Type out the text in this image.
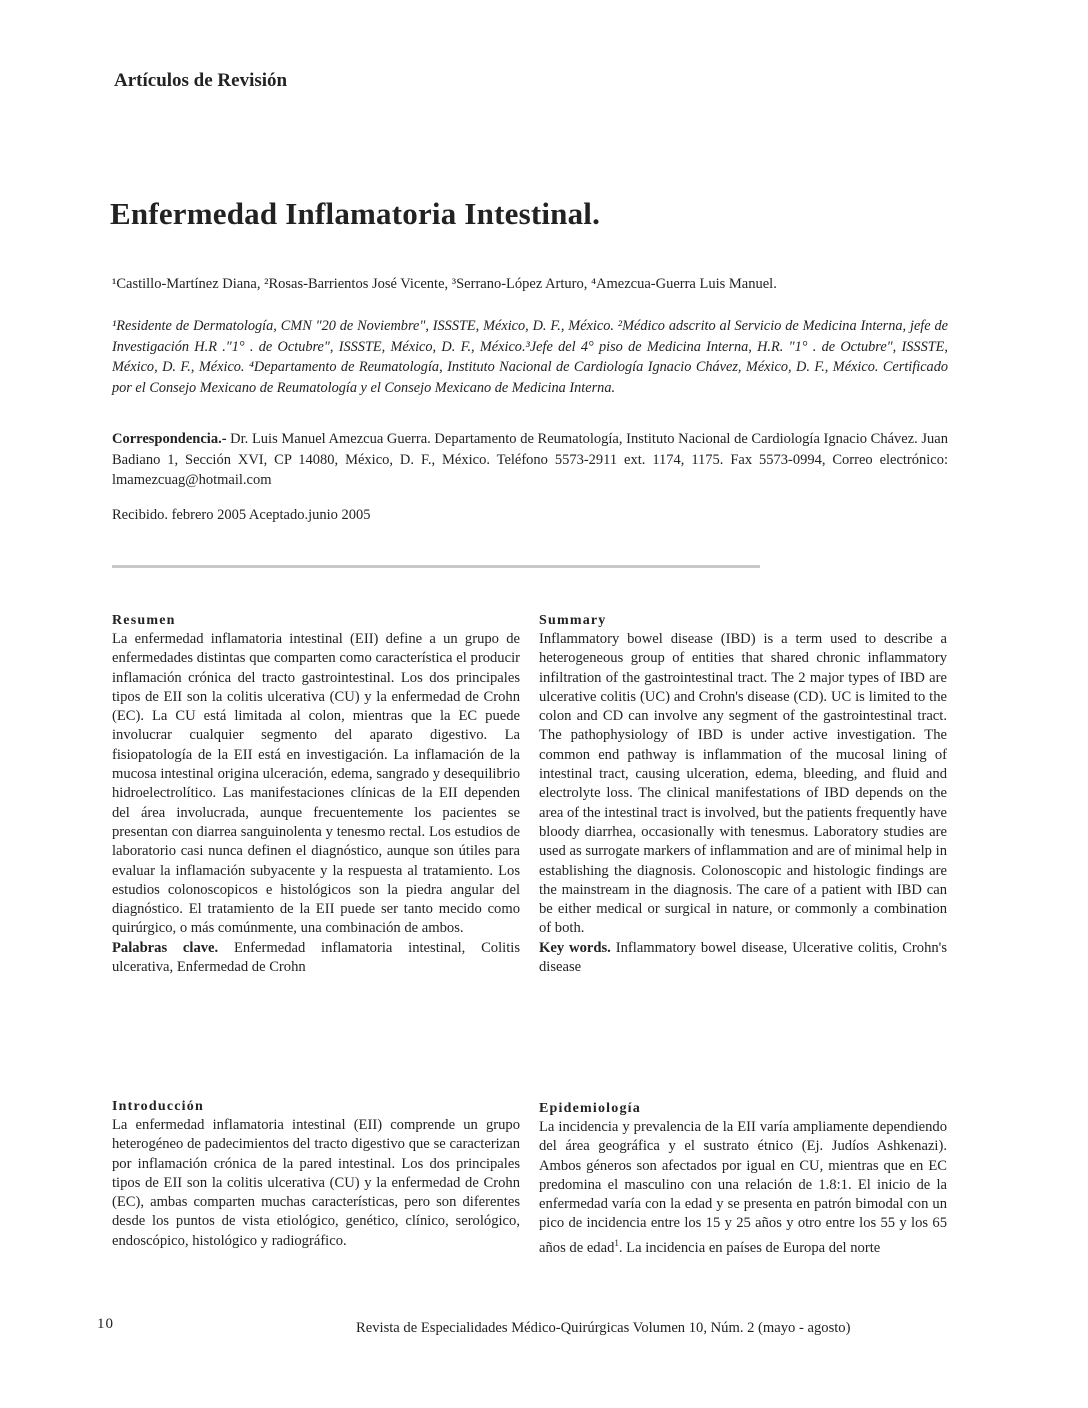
Artículos de Revisión
Enfermedad Inflamatoria Intestinal.
¹Castillo-Martínez Diana, ²Rosas-Barrientos José Vicente, ³Serrano-López Arturo, ⁴Amezcua-Guerra Luis Manuel.
¹Residente de Dermatología, CMN "20 de Noviembre", ISSSTE, México, D. F., México. ²Médico adscrito al Servicio de Medicina Interna, jefe de Investigación H.R ."1° . de Octubre", ISSSTE, México, D. F., México.³Jefe del 4° piso de Medicina Interna, H.R. "1° . de Octubre", ISSSTE, México, D. F., México. ⁴Departamento de Reumatología, Instituto Nacional de Cardiología Ignacio Chávez, México, D. F., México. Certificado por el Consejo Mexicano de Reumatología y el Consejo Mexicano de Medicina Interna.
Correspondencia.- Dr. Luis Manuel Amezcua Guerra. Departamento de Reumatología, Instituto Nacional de Cardiología Ignacio Chávez. Juan Badiano 1, Sección XVI, CP 14080, México, D. F., México. Teléfono 5573-2911 ext. 1174, 1175. Fax 5573-0994, Correo electrónico: lmamezcuag@hotmail.com
Recibido. febrero 2005 Aceptado.junio 2005
Resumen

La enfermedad inflamatoria intestinal (EII) define a un grupo de enfermedades distintas que comparten como característica el producir inflamación crónica del tracto gastrointestinal. Los dos principales tipos de EII son la colitis ulcerativa (CU) y la enfermedad de Crohn (EC). La CU está limitada al colon, mientras que la EC puede involucrar cualquier segmento del aparato digestivo. La fisiopatología de la EII está en investigación. La inflamación de la mucosa intestinal origina ulceración, edema, sangrado y desequilibrio hidroelectrolítico. Las manifestaciones clínicas de la EII dependen del área involucrada, aunque frecuentemente los pacientes se presentan con diarrea sanguinolenta y tenesmo rectal. Los estudios de laboratorio casi nunca definen el diagnóstico, aunque son útiles para evaluar la inflamación subyacente y la respuesta al tratamiento. Los estudios colonoscopicos e histológicos son la piedra angular del diagnóstico. El tratamiento de la EII puede ser tanto mecido como quirúrgico, o más comúnmente, una combinación de ambos.

Palabras clave. Enfermedad inflamatoria intestinal, Colitis ulcerativa, Enfermedad de Crohn

Summary

Inflammatory bowel disease (IBD) is a term used to describe a heterogeneous group of entities that shared chronic inflammatory infiltration of the gastrointestinal tract. The 2 major types of IBD are ulcerative colitis (UC) and Crohn's disease (CD). UC is limited to the colon and CD can involve any segment of the gastrointestinal tract. The pathophysiology of IBD is under active investigation. The common end pathway is inflammation of the mucosal lining of intestinal tract, causing ulceration, edema, bleeding, and fluid and electrolyte loss. The clinical manifestations of IBD depends on the area of the intestinal tract is involved, but the patients frequently have bloody diarrhea, occasionally with tenesmus. Laboratory studies are used as surrogate markers of inflammation and are of minimal help in establishing the diagnosis. Colonoscopic and histologic findings are the mainstream in the diagnosis. The care of a patient with IBD can be either medical or surgical in nature, or commonly a combination of both.

Key words. Inflammatory bowel disease, Ulcerative colitis, Crohn's disease

Introducción

La enfermedad inflamatoria intestinal (EII) comprende un grupo heterogéneo de padecimientos del tracto digestivo que se caracterizan por inflamación crónica de la pared intestinal. Los dos principales tipos de EII son la colitis ulcerativa (CU) y la enfermedad de Crohn (EC), ambas comparten muchas características, pero son diferentes desde los puntos de vista etiológico, genético, clínico, serológico, endoscópico, histológico y radiográfico.

Epidemiología

La incidencia y prevalencia de la EII varía ampliamente dependiendo del área geográfica y el sustrato étnico (Ej. Judíos Ashkenazi). Ambos géneros son afectados por igual en CU, mientras que en EC predomina el masculino con una relación de 1.8:1. El inicio de la enfermedad varía con la edad y se presenta en patrón bimodal con un pico de incidencia entre los 15 y 25 años y otro entre los 55 y los 65 años de edad$^1$. La incidencia en países de Europa del norte

10	Revista de Especialidades Médico-Quirúrgicas Volumen 10, Núm. 2 (mayo - agosto)
